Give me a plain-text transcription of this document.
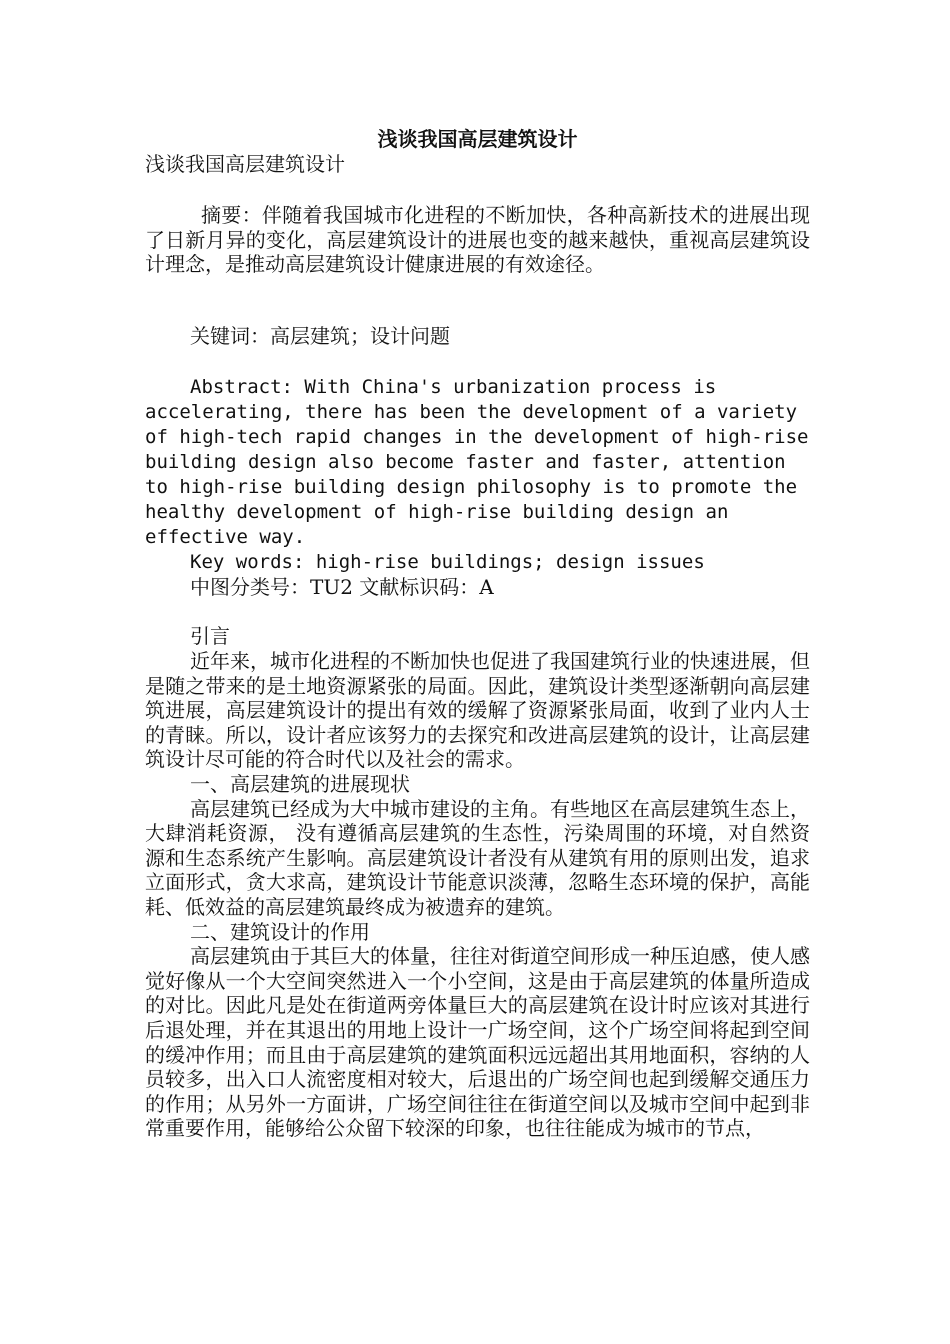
浅谈我国高层建筑设计

浅谈我国高层建筑设计

摘要：伴随着我国城市化进程的不断加快，各种高新技术的进展出现了日新月异的变化，高层建筑设计的进展也变的越来越快，重视高层建筑设计理念，是推动高层建筑设计健康进展的有效途径。

关键词：高层建筑；设计问题

Abstract: With China's urbanization process is accelerating, there has been the development of a variety of high-tech rapid changes in the development of high-rise building design also become faster and faster, attention to high-rise building design philosophy is to promote the healthy development of high-rise building design an effective way.

Key words: high-rise buildings; design issues

中图分类号：TU2 文献标识码：A

引言

近年来，城市化进程的不断加快也促进了我国建筑行业的快速进展，但是随之带来的是土地资源紧张的局面。因此，建筑设计类型逐渐朝向高层建筑进展，高层建筑设计的提出有效的缓解了资源紧张局面，收到了业内人士的青睐。所以，设计者应该努力的去探究和改进高层建筑的设计，让高层建筑设计尽可能的符合时代以及社会的需求。

一、高层建筑的进展现状

高层建筑已经成为大中城市建设的主角。有些地区在高层建筑生态上，大肆消耗资源， 没有遵循高层建筑的生态性，污染周围的环境，对自然资源和生态系统产生影响。高层建筑设计者没有从建筑有用的原则出发，追求立面形式，贪大求高，建筑设计节能意识淡薄，忽略生态环境的保护，高能耗、低效益的高层建筑最终成为被遗弃的建筑。

二、建筑设计的作用

高层建筑由于其巨大的体量，往往对街道空间形成一种压迫感，使人感觉好像从一个大空间突然进入一个小空间，这是由于高层建筑的体量所造成的对比。因此凡是处在街道两旁体量巨大的高层建筑在设计时应该对其进行后退处理，并在其退出的用地上设计一广场空间，这个广场空间将起到空间的缓冲作用；而且由于高层建筑的建筑面积远远超出其用地面积，容纳的人员较多，出入口人流密度相对较大，后退出的广场空间也起到缓解交通压力的作用；从另外一方面讲，广场空间往往在街道空间以及城市空间中起到非常重要作用，能够给公众留下较深的印象，也往往能成为城市的节点，
